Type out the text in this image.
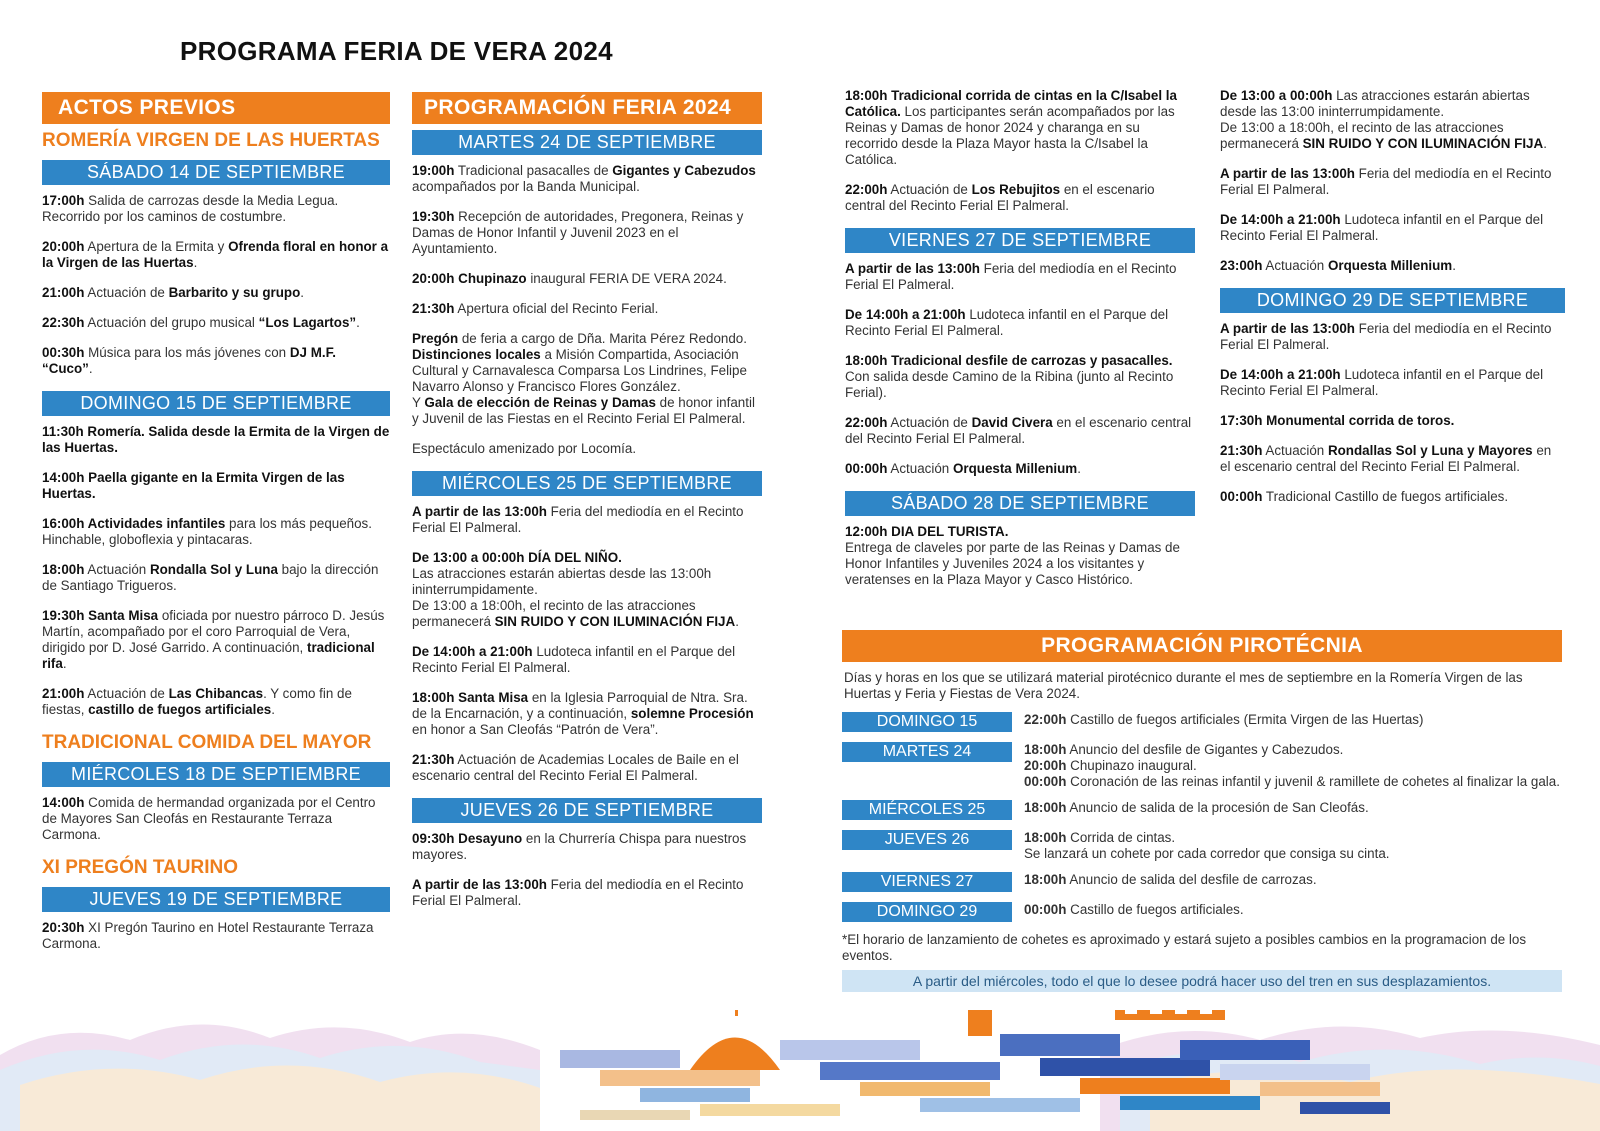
PROGRAMA FERIA DE VERA 2024
ACTOS PREVIOS
ROMERÍA VIRGEN DE LAS HUERTAS
SÁBADO 14 DE SEPTIEMBRE
17:00h Salida de carrozas desde la Media Legua. Recorrido por los caminos de costumbre.
20:00h Apertura de la Ermita y Ofrenda floral en honor a la Virgen de las Huertas.
21:00h Actuación de Barbarito y su grupo.
22:30h Actuación del grupo musical “Los Lagartos”.
00:30h Música para los más jóvenes con DJ M.F. “Cuco”.
DOMINGO 15 DE SEPTIEMBRE
11:30h Romería. Salida desde la Ermita de la Virgen de las Huertas.
14:00h Paella gigante en la Ermita Virgen de las Huertas.
16:00h Actividades infantiles para los más pequeños. Hinchable, globoflexia y pintacaras.
18:00h Actuación Rondalla Sol y Luna bajo la dirección de Santiago Trigueros.
19:30h Santa Misa oficiada por nuestro párroco D. Jesús Martín, acompañado por el coro Parroquial de Vera, dirigido por D. José Garrido. A continuación, tradicional rifa.
21:00h Actuación de Las Chibancas. Y como fin de fiestas, castillo de fuegos artificiales.
TRADICIONAL COMIDA DEL MAYOR
MIÉRCOLES 18 DE SEPTIEMBRE
14:00h Comida de hermandad organizada por el Centro de Mayores San Cleofás en Restaurante Terraza Carmona.
XI PREGÓN TAURINO
JUEVES 19 DE SEPTIEMBRE
20:30h XI Pregón Taurino en Hotel Restaurante Terraza Carmona.
PROGRAMACIÓN FERIA 2024
MARTES 24 DE SEPTIEMBRE
19:00h Tradicional pasacalles de Gigantes y Cabezudos acompañados por la Banda Municipal.
19:30h Recepción de autoridades, Pregonera, Reinas y Damas de Honor Infantil y Juvenil 2023 en el Ayuntamiento.
20:00h Chupinazo inaugural FERIA DE VERA 2024.
21:30h Apertura oficial del Recinto Ferial.
Pregón de feria a cargo de Dña. Marita Pérez Redondo.
Distinciones locales a Misión Compartida, Asociación Cultural y Carnavalesca Comparsa Los Lindrines, Felipe Navarro Alonso y Francisco Flores González.
Y Gala de elección de Reinas y Damas de honor infantil y Juvenil de las Fiestas en el Recinto Ferial El Palmeral.
Espectáculo amenizado por Locomía.
MIÉRCOLES 25 DE SEPTIEMBRE
A partir de las 13:00h Feria del mediodía en el Recinto Ferial El Palmeral.
De 13:00 a 00:00h DÍA DEL NIÑO.
Las atracciones estarán abiertas desde las 13:00h ininterrumpidamente.
De 13:00 a 18:00h, el recinto de las atracciones permanecerá SIN RUIDO Y CON ILUMINACIÓN FIJA.
De 14:00h a 21:00h Ludoteca infantil en el Parque del Recinto Ferial El Palmeral.
18:00h Santa Misa en la Iglesia Parroquial de Ntra. Sra. de la Encarnación, y a continuación, solemne Procesión en honor a San Cleofás “Patrón de Vera”.
21:30h Actuación de Academias Locales de Baile en el escenario central del Recinto Ferial El Palmeral.
JUEVES 26 DE SEPTIEMBRE
09:30h Desayuno en la Churrería Chispa para nuestros mayores.
A partir de las 13:00h Feria del mediodía en el Recinto Ferial El Palmeral.
18:00h Tradicional corrida de cintas en la C/Isabel la Católica. Los participantes serán acompañados por las Reinas y Damas de honor 2024 y charanga en su recorrido desde la Plaza Mayor hasta la C/Isabel la Católica.
22:00h Actuación de Los Rebujitos en el escenario central del Recinto Ferial El Palmeral.
VIERNES 27 DE SEPTIEMBRE
A partir de las 13:00h Feria del mediodía en el Recinto Ferial El Palmeral.
De 14:00h a 21:00h Ludoteca infantil en el Parque del Recinto Ferial El Palmeral.
18:00h Tradicional desfile de carrozas y pasacalles. Con salida desde Camino de la Ribina (junto al Recinto Ferial).
22:00h Actuación de David Civera en el escenario central del Recinto Ferial El Palmeral.
00:00h Actuación Orquesta Millenium.
SÁBADO 28 DE SEPTIEMBRE
12:00h DIA DEL TURISTA.
Entrega de claveles por parte de las Reinas y Damas de Honor Infantiles y Juveniles 2024 a los visitantes y veratenses en la Plaza Mayor y Casco Histórico.
De 13:00 a 00:00h Las atracciones estarán abiertas desde las 13:00 ininterrumpidamente.
De 13:00 a 18:00h, el recinto de las atracciones permanecerá SIN RUIDO Y CON ILUMINACIÓN FIJA.
A partir de las 13:00h Feria del mediodía en el Recinto Ferial El Palmeral.
De 14:00h a 21:00h Ludoteca infantil en el Parque del Recinto Ferial El Palmeral.
23:00h Actuación Orquesta Millenium.
DOMINGO 29 DE SEPTIEMBRE
A partir de las 13:00h Feria del mediodía en el Recinto Ferial El Palmeral.
De 14:00h a 21:00h Ludoteca infantil en el Parque del Recinto Ferial El Palmeral.
17:30h Monumental corrida de toros.
21:30h Actuación Rondallas Sol y Luna y Mayores en el escenario central del Recinto Ferial El Palmeral.
00:00h Tradicional Castillo de fuegos artificiales.
PROGRAMACIÓN PIROTÉCNIA
Días y horas en los que se utilizará material pirotécnico durante el mes de septiembre en la Romería Virgen de las Huertas y Feria y Fiestas de Vera 2024.
DOMINGO 15	22:00h Castillo de fuegos artificiales (Ermita Virgen de las Huertas)
MARTES 24	18:00h Anuncio del desfile de Gigantes y Cabezudos.
20:00h Chupinazo inaugural.
00:00h Coronación de las reinas infantil y juvenil & ramillete de cohetes al finalizar la gala.
MIÉRCOLES 25	18:00h Anuncio de salida de la procesión de San Cleofás.
JUEVES 26	18:00h Corrida de cintas.
Se lanzará un cohete por cada corredor que consiga su cinta.
VIERNES 27	18:00h Anuncio de salida del desfile de carrozas.
DOMINGO 29	00:00h Castillo de fuegos artificiales.
*El horario de lanzamiento de cohetes es aproximado y estará sujeto a posibles cambios en la programacion de los eventos.
A partir del miércoles, todo el que lo desee podrá hacer uso del tren en sus desplazamientos.
